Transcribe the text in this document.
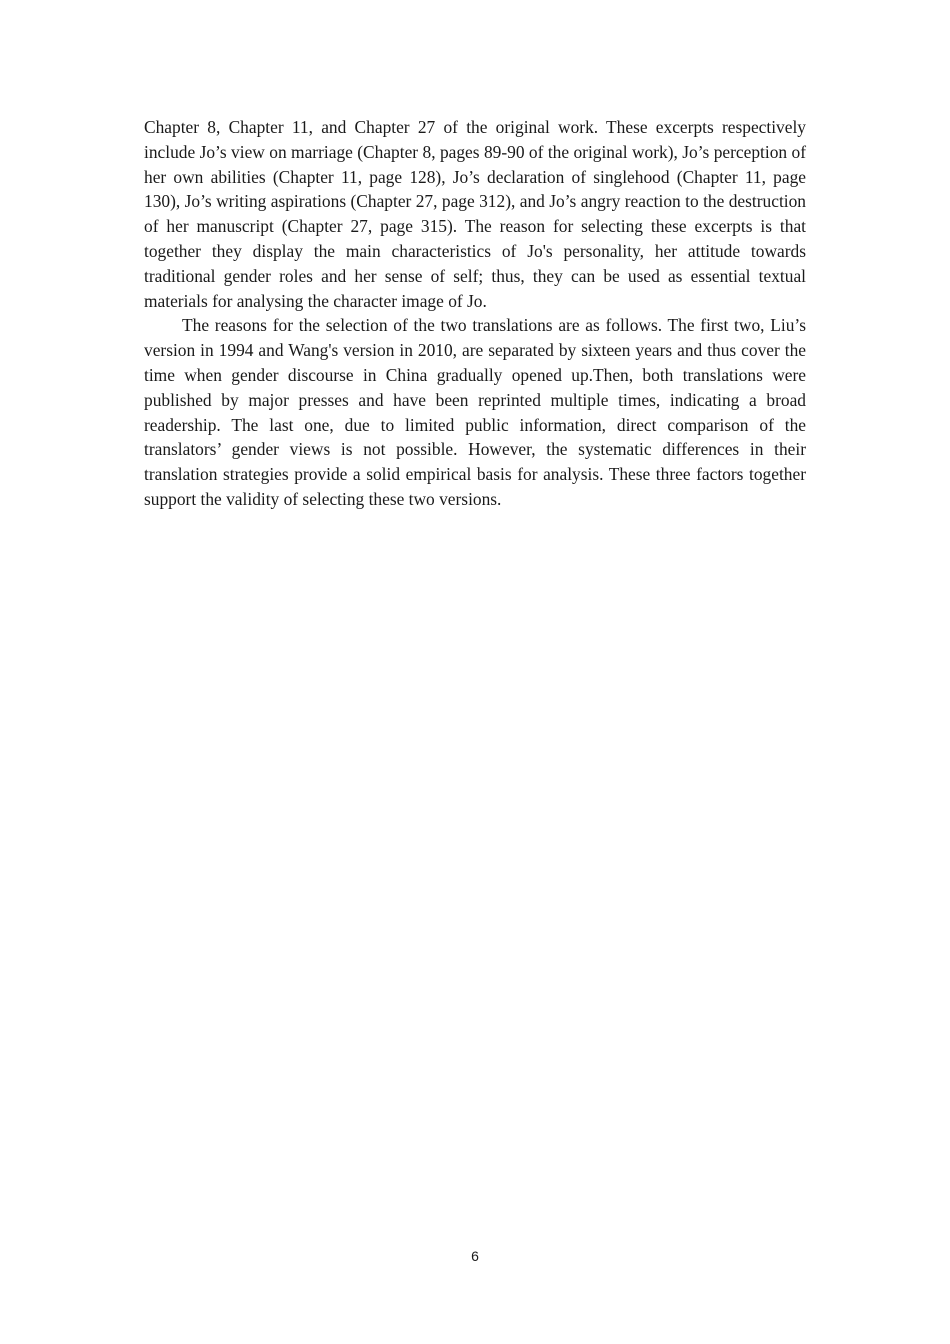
Chapter 8, Chapter 11, and Chapter 27 of the original work. These excerpts respectively include Jo’s view on marriage (Chapter 8, pages 89-90 of the original work), Jo’s perception of her own abilities (Chapter 11, page 128), Jo’s declaration of singlehood (Chapter 11, page 130), Jo’s writing aspirations (Chapter 27, page 312), and Jo’s angry reaction to the destruction of her manuscript (Chapter 27, page 315). The reason for selecting these excerpts is that together they display the main characteristics of Jo's personality, her attitude towards traditional gender roles and her sense of self; thus, they can be used as essential textual materials for analysing the character image of Jo.

The reasons for the selection of the two translations are as follows. The first two, Liu’s version in 1994 and Wang's version in 2010, are separated by sixteen years and thus cover the time when gender discourse in China gradually opened up.Then, both translations were published by major presses and have been reprinted multiple times, indicating a broad readership. The last one, due to limited public information, direct comparison of the translators’ gender views is not possible. However, the systematic differences in their translation strategies provide a solid empirical basis for analysis. These three factors together support the validity of selecting these two versions.

6
